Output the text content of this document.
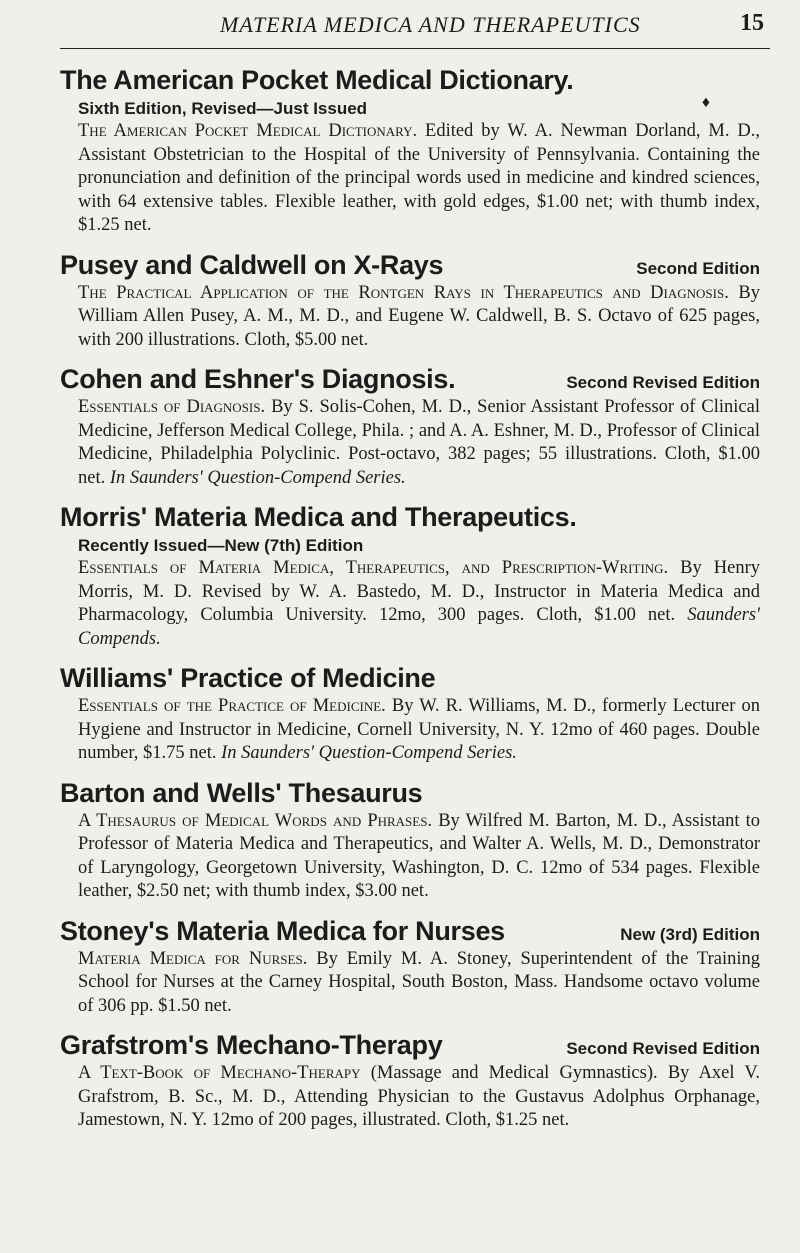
MATERIA MEDICA AND THERAPEUTICS	15
The American Pocket Medical Dictionary.
Sixth Edition, Revised—Just Issued	♦
The American Pocket Medical Dictionary. Edited by W. A. Newman Dorland, M. D., Assistant Obstetrician to the Hospital of the University of Pennsylvania. Containing the pronunciation and definition of the principal words used in medicine and kindred sciences, with 64 extensive tables. Flexible leather, with gold edges, $1.00 net; with thumb index, $1.25 net.
Pusey and Caldwell on X-Rays	Second Edition
The Practical Application of the Rontgen Rays in Therapeutics and Diagnosis. By William Allen Pusey, A. M., M. D., and Eugene W. Caldwell, B. S. Octavo of 625 pages, with 200 illustrations. Cloth, $5.00 net.
Cohen and Eshner's Diagnosis.	Second Revised Edition
Essentials of Diagnosis. By S. Solis-Cohen, M. D., Senior Assistant Professor of Clinical Medicine, Jefferson Medical College, Phila. ; and A. A. Eshner, M. D., Professor of Clinical Medicine, Philadelphia Polyclinic. Post-octavo, 382 pages; 55 illustrations. Cloth, $1.00 net. In Saunders' Question-Compend Series.
Morris' Materia Medica and Therapeutics.
Recently Issued—New (7th) Edition
Essentials of Materia Medica, Therapeutics, and Prescription-Writing. By Henry Morris, M. D. Revised by W. A. Bastedo, M. D., Instructor in Materia Medica and Pharmacology, Columbia University. 12mo, 300 pages. Cloth, $1.00 net. Saunders' Compends.
Williams' Practice of Medicine
Essentials of the Practice of Medicine. By W. R. Williams, M. D., formerly Lecturer on Hygiene and Instructor in Medicine, Cornell University, N. Y. 12mo of 460 pages. Double number, $1.75 net. In Saunders' Question-Compend Series.
Barton and Wells' Thesaurus
A Thesaurus of Medical Words and Phrases. By Wilfred M. Barton, M. D., Assistant to Professor of Materia Medica and Therapeutics, and Walter A. Wells, M. D., Demonstrator of Laryngology, Georgetown University, Washington, D. C. 12mo of 534 pages. Flexible leather, $2.50 net; with thumb index, $3.00 net.
Stoney's Materia Medica for Nurses	New (3rd) Edition
Materia Medica for Nurses. By Emily M. A. Stoney, Superintendent of the Training School for Nurses at the Carney Hospital, South Boston, Mass. Handsome octavo volume of 306 pp. $1.50 net.
Grafstrom's Mechano-Therapy	Second Revised Edition
A Text-Book of Mechano-Therapy (Massage and Medical Gymnastics). By Axel V. Grafstrom, B. Sc., M. D., Attending Physician to the Gustavus Adolphus Orphanage, Jamestown, N. Y. 12mo of 200 pages, illustrated. Cloth, $1.25 net.
